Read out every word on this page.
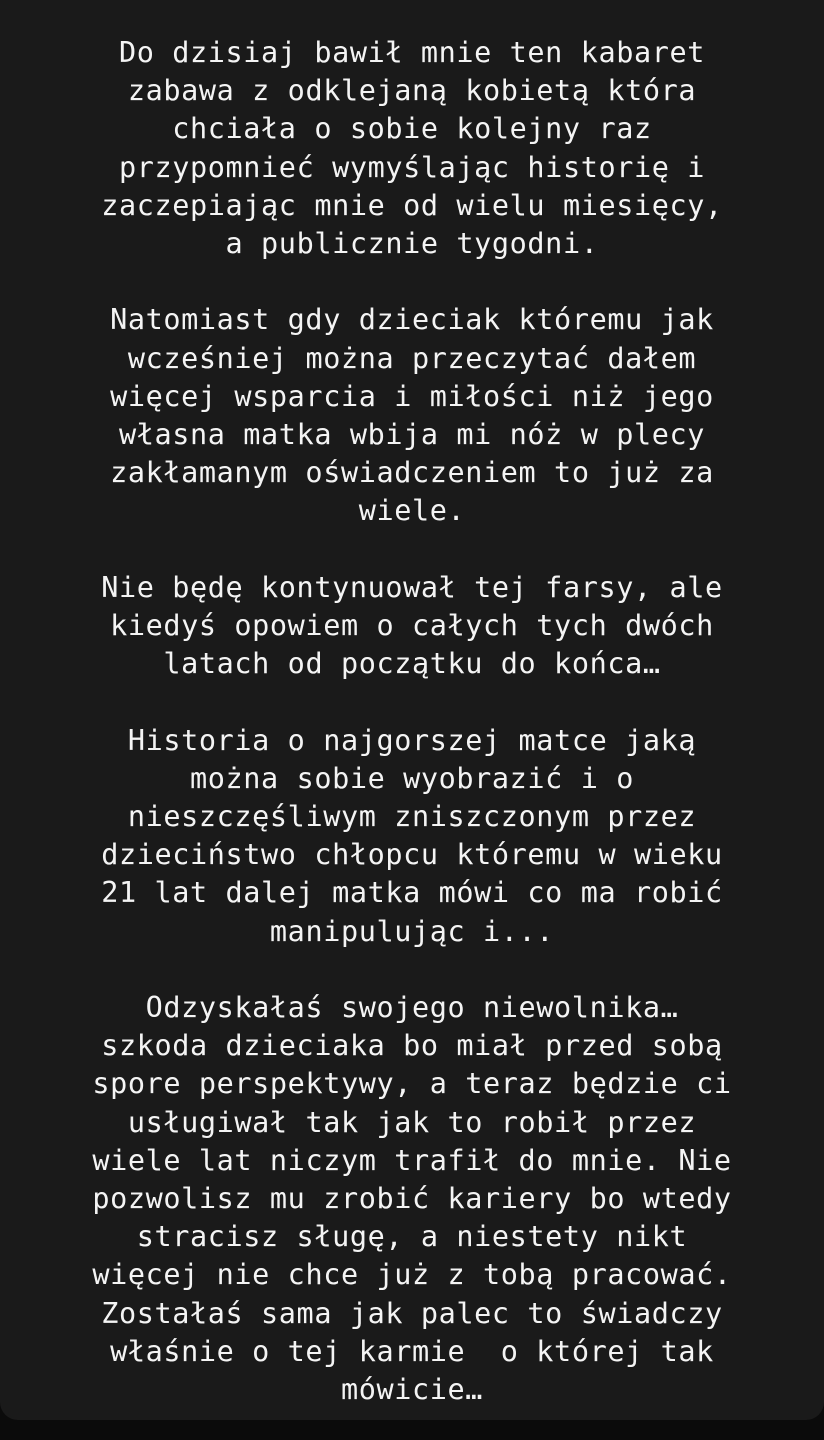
Do dzisiaj bawił mnie ten kabaret
zabawa z odklejaną kobietą która
chciała o sobie kolejny raz
przypomnieć wymyślając historię i
zaczepiając mnie od wielu miesięcy,
a publicznie tygodni.

Natomiast gdy dzieciak któremu jak
wcześniej można przeczytać dałem
więcej wsparcia i miłości niż jego
własna matka wbija mi nóż w plecy
zakłamanym oświadczeniem to już za
wiele.

Nie będę kontynuował tej farsy, ale
kiedyś opowiem o całych tych dwóch
latach od początku do końca…

Historia o najgorszej matce jaką
można sobie wyobrazić i o
nieszczęśliwym zniszczonym przez
dzieciństwo chłopcu któremu w wieku
21 lat dalej matka mówi co ma robić
manipulując i...

Odzyskałaś swojego niewolnika…
szkoda dzieciaka bo miał przed sobą
spore perspektywy, a teraz będzie ci
usługiwał tak jak to robił przez
wiele lat niczym trafił do mnie. Nie
pozwolisz mu zrobić kariery bo wtedy
stracisz sługę, a niestety nikt
więcej nie chce już z tobą pracować.
Zostałaś sama jak palec to świadczy
właśnie o tej karmie  o której tak
mówicie…
